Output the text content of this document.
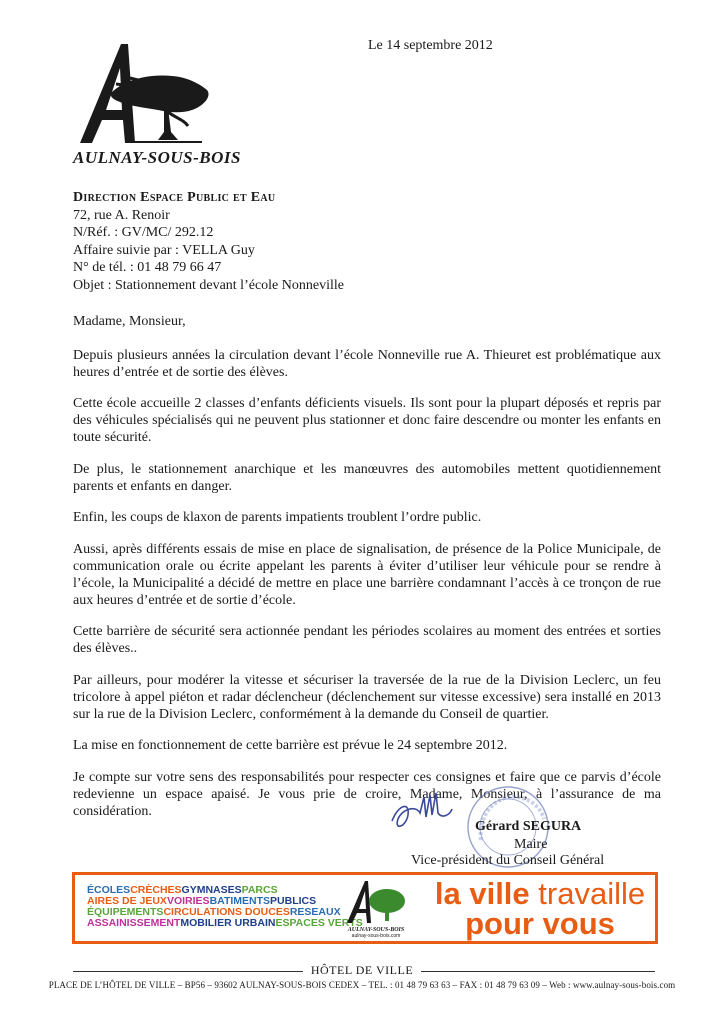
AULNAY-SOUS-BOIS
Le 14 septembre 2012
Direction Espace Public et Eau
72, rue A. Renoir
N/Réf. : GV/MC/ 292.12
Affaire suivie par : VELLA Guy
N° de tél. : 01 48 79 66 47
Objet : Stationnement devant l’école Nonneville

Madame, Monsieur,

Depuis plusieurs années la circulation devant l’école Nonneville rue A. Thieuret est problématique aux heures d’entrée et de sortie des élèves.

Cette école accueille 2 classes d’enfants déficients visuels. Ils sont pour la plupart déposés et repris par des véhicules spécialisés qui ne peuvent plus stationner et donc faire descendre ou monter les enfants en toute sécurité.

De plus, le stationnement anarchique et les manœuvres des automobiles mettent quotidiennement parents et enfants en danger.

Enfin, les coups de klaxon de parents impatients troublent l’ordre public.

Aussi, après différents essais de mise en place de signalisation, de présence de la Police Municipale, de communication orale ou écrite appelant les parents à éviter d’utiliser leur véhicule pour se rendre à l’école, la Municipalité a décidé de mettre en place une barrière condamnant l’accès à ce tronçon de rue aux heures d’entrée et de sortie d’école.

Cette barrière de sécurité sera actionnée pendant les périodes scolaires au moment des entrées et sorties des élèves..

Par ailleurs, pour modérer la vitesse et sécuriser la traversée de la rue de la Division Leclerc, un feu tricolore à appel piéton et radar déclencheur (déclenchement sur vitesse excessive) sera installé en 2013 sur la rue de la Division Leclerc, conformément à la demande du Conseil de quartier.

La mise en fonctionnement de cette barrière est prévue le 24 septembre 2012.

Je compte sur votre sens des responsabilités pour respecter ces consignes et faire que ce parvis d’école redevienne un espace apaisé. Je vous prie de croire, Madame, Monsieur, à l’assurance de ma considération.

Gérard SEGURA
Maire
Vice-président du Conseil Général
ÉCOLESCRÈCHESGYMNASESPARCS
AIRES DE JEUXVOIRIESBATIMENTSPUBLICS
ÉQUIPEMENTSCIRCULATIONS DOUCESRESEAUX
ASSAINISSEMENTMOBILIER URBAINESPACES VERTS
AULNAY-SOUS-BOIS
aulnay-sous-bois.com
la ville travaille
pour vous
HÔTEL DE VILLE
PLACE DE L’HÔTEL DE VILLE – BP56 – 93602 AULNAY-SOUS-BOIS CEDEX – TEL. : 01 48 79 63 63 – FAX : 01 48 79 63 09 – Web : www.aulnay-sous-bois.com
